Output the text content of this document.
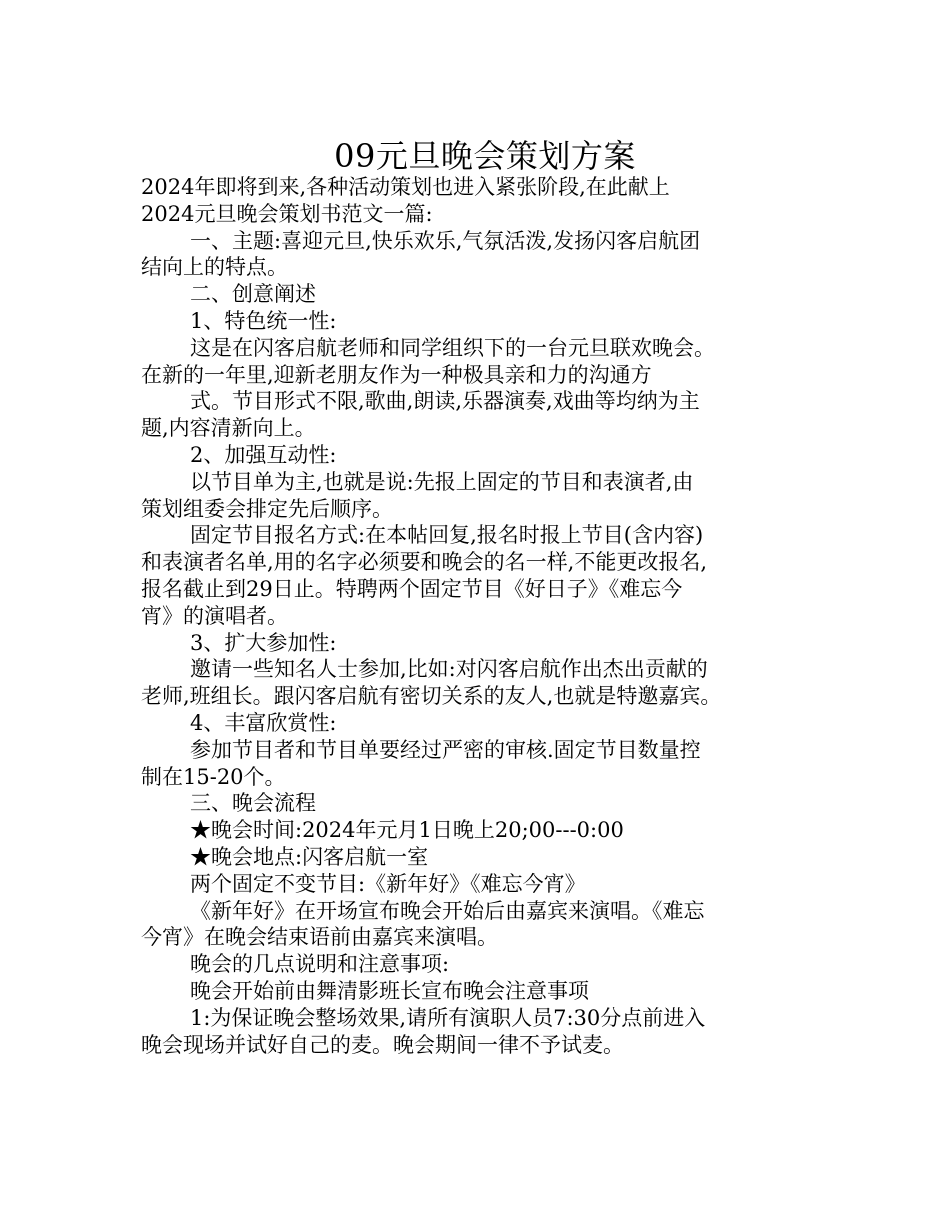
09元旦晚会策划方案
2024年即将到来,各种活动策划也进入紧张阶段,在此献上
2024元旦晚会策划书范文一篇:
一、主题:喜迎元旦,快乐欢乐,气氛活泼,发扬闪客启航团
结向上的特点。
二、创意阐述
1、特色统一性:
这是在闪客启航老师和同学组织下的一台元旦联欢晚会。
在新的一年里,迎新老朋友作为一种极具亲和力的沟通方
式。节目形式不限,歌曲,朗读,乐器演奏,戏曲等均纳为主
题,内容清新向上。
2、加强互动性:
以节目单为主,也就是说:先报上固定的节目和表演者,由
策划组委会排定先后顺序。
固定节目报名方式:在本帖回复,报名时报上节目(含内容)
和表演者名单,用的名字必须要和晚会的名一样,不能更改报名,
报名截止到29日止。特聘两个固定节目《好日子》《难忘今
宵》的演唱者。
3、扩大参加性:
邀请一些知名人士参加,比如:对闪客启航作出杰出贡献的
老师,班组长。跟闪客启航有密切关系的友人,也就是特邀嘉宾。
4、丰富欣赏性:
参加节目者和节目单要经过严密的审核.固定节目数量控
制在15-20个。
三、晚会流程
★晚会时间:2024年元月1日晚上20;00---0:00
★晚会地点:闪客启航一室
两个固定不变节目:《新年好》《难忘今宵》
《新年好》在开场宣布晚会开始后由嘉宾来演唱。《难忘
今宵》在晚会结束语前由嘉宾来演唱。
晚会的几点说明和注意事项:
晚会开始前由舞清影班长宣布晚会注意事项
1:为保证晚会整场效果,请所有演职人员7:30分点前进入
晚会现场并试好自己的麦。晚会期间一律不予试麦。
